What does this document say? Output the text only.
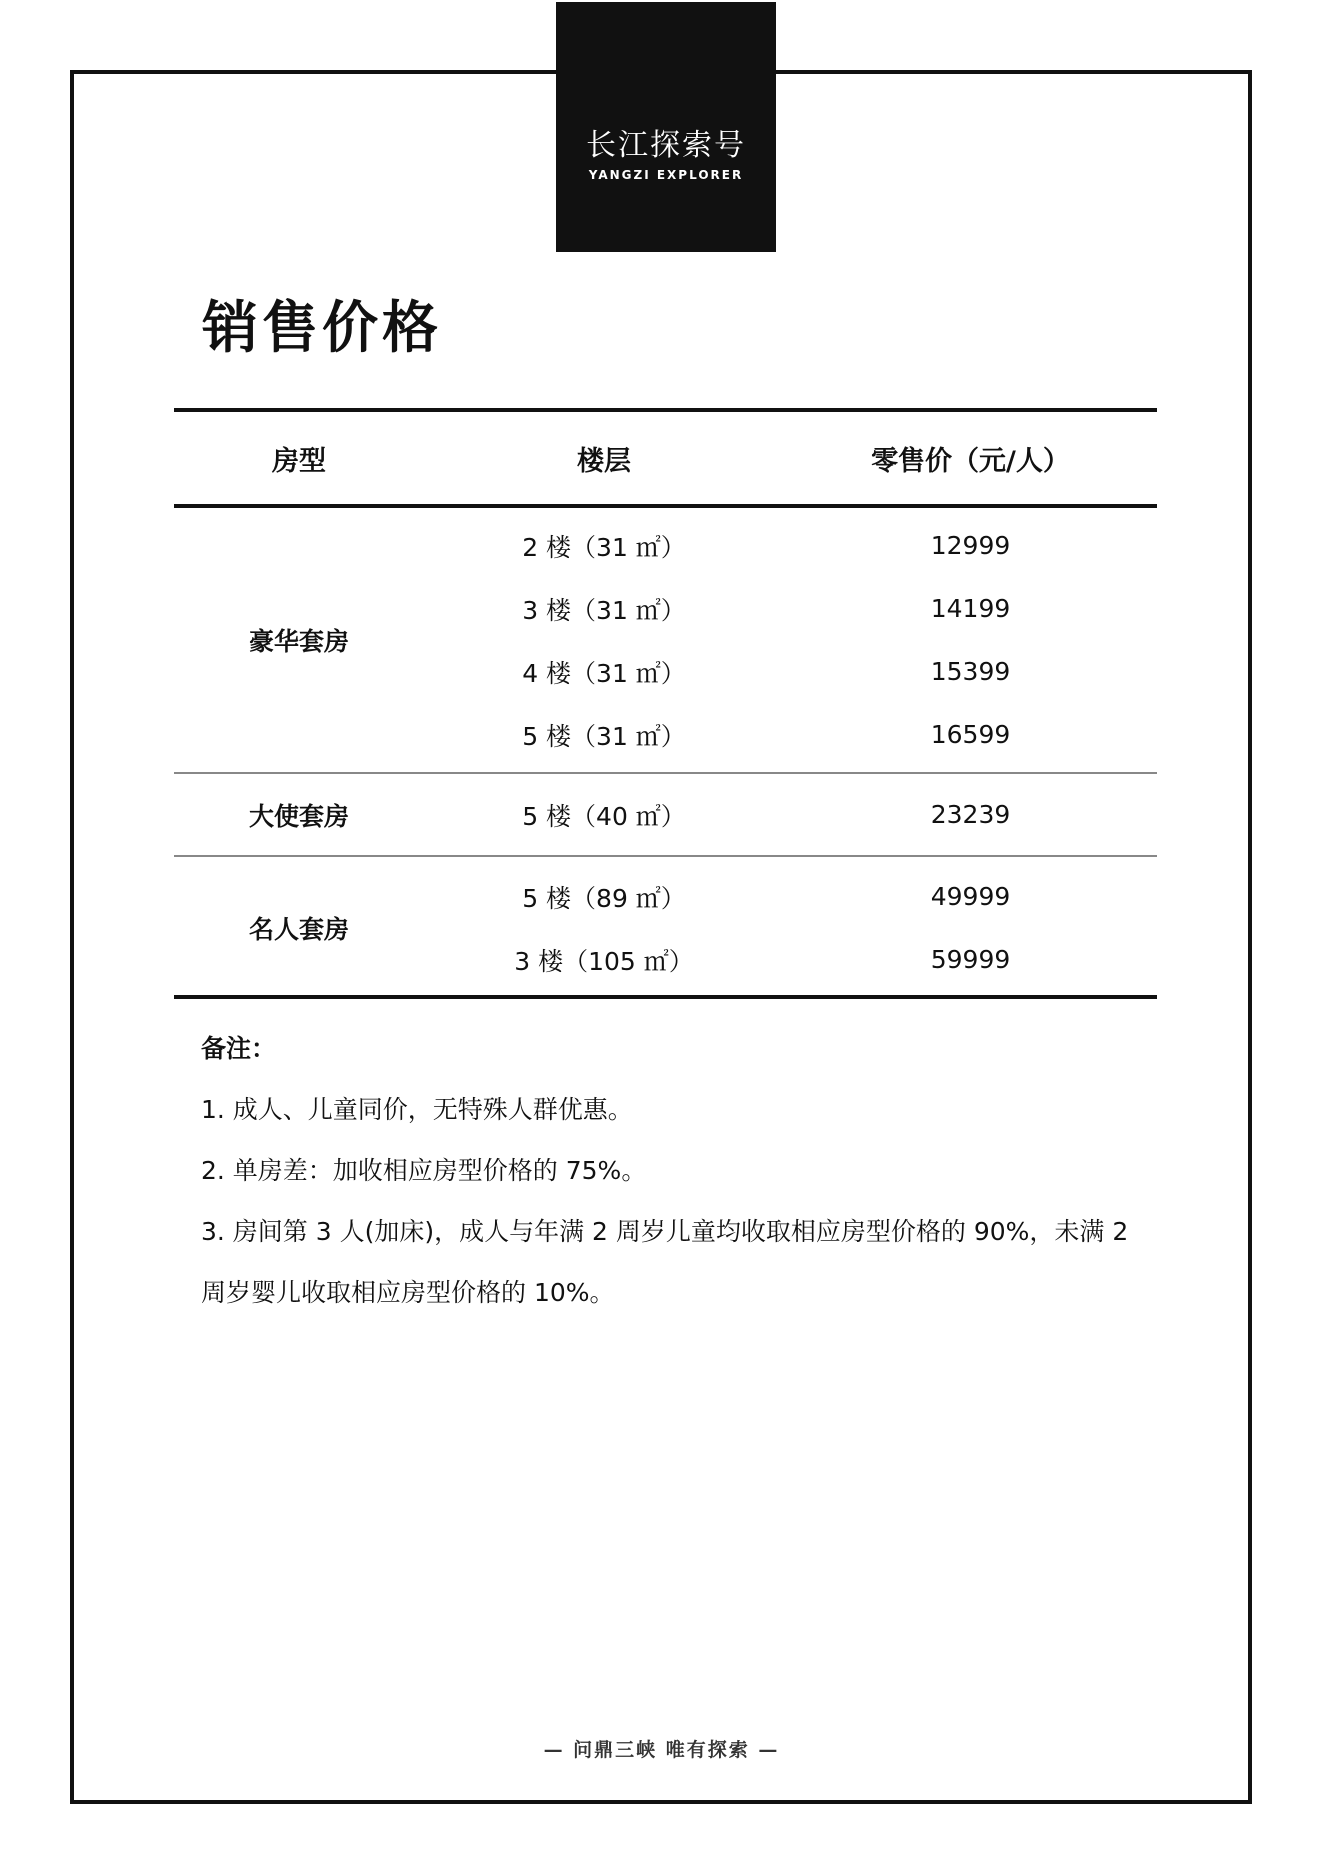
长江探索号
YANGZI EXPLORER
销售价格
房型	楼层	零售价（元/人）
豪华套房
2 楼（31 ㎡）	12999
3 楼（31 ㎡）	14199
4 楼（31 ㎡）	15399
5 楼（31 ㎡）	16599
大使套房	5 楼（40 ㎡）	23239
名人套房
5 楼（89 ㎡）	49999
3 楼（105 ㎡）	59999
备注：

1. 成人、儿童同价，无特殊人群优惠。

2. 单房差：加收相应房型价格的 75%。

3. 房间第 3 人(加床)，成人与年满 2 周岁儿童均收取相应房型价格的 90%，未满 2 周岁婴儿收取相应房型价格的 10%。

— 问鼎三峡 唯有探索 —
